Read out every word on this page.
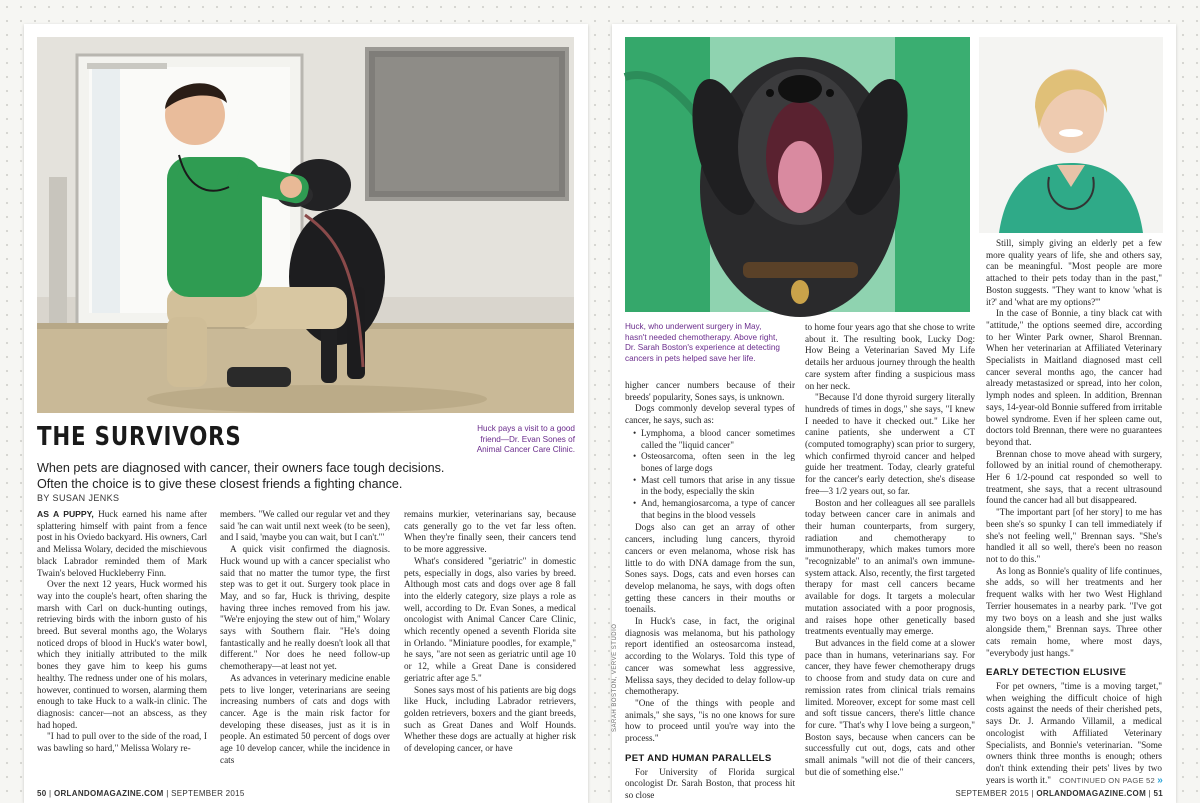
THE SURVIVORS	Huck pays a visit to a good
friend—Dr. Evan Sones of
Animal Cancer Care Clinic.
When pets are diagnosed with cancer, their owners face tough decisions.
Often the choice is to give these closest friends a fighting chance.
BY SUSAN JENKS

AS A PUPPY, Huck earned his name after splattering himself with paint from a fence post in his Oviedo backyard. His owners, Carl and Melissa Wolary, decided the mischievous black Labrador reminded them of Mark Twain's beloved Huckleberry Finn.

Over the next 12 years, Huck wormed his way into the couple's heart, often sharing the marsh with Carl on duck-hunting outings, retrieving birds with the inborn gusto of his breed. But several months ago, the Wolarys noticed drops of blood in Huck's water bowl, which they initially attributed to the milk bones they gave him to keep his gums healthy. The redness under one of his molars, however, continued to worsen, alarming them enough to take Huck to a walk-in clinic. The diagnosis: cancer—not an abscess, as they had hoped.

"I had to pull over to the side of the road, I was bawling so hard," Melissa Wolary re-

members. "We called our regular vet and they said 'he can wait until next week (to be seen), and I said, 'maybe you can wait, but I can't.'"

A quick visit confirmed the diagnosis. Huck wound up with a cancer specialist who said that no matter the tumor type, the first step was to get it out. Surgery took place in May, and so far, Huck is thriving, despite having three inches removed from his jaw. "We're enjoying the stew out of him," Wolary says with Southern flair. "He's doing fantastically and he really doesn't look all that different." Nor does he need follow-up chemotherapy—at least not yet.

As advances in veterinary medicine enable pets to live longer, veterinarians are seeing increasing numbers of cats and dogs with cancer. Age is the main risk factor for developing these diseases, just as it is in people. An estimated 50 percent of dogs over age 10 develop cancer, while the incidence in cats

remains murkier, veterinarians say, because cats generally go to the vet far less often. When they're finally seen, their cancers tend to be more aggressive.

What's considered "geriatric" in domestic pets, especially in dogs, also varies by breed. Although most cats and dogs over age 8 fall into the elderly category, size plays a role as well, according to Dr. Evan Sones, a medical oncologist with Animal Cancer Care Clinic, which recently opened a seventh Florida site in Orlando. "Miniature poodles, for example," he says, "are not seen as geriatric until age 10 or 12, while a Great Dane is considered geriatric after age 5."

Sones says most of his patients are big dogs like Huck, including Labrador retrievers, golden retrievers, boxers and the giant breeds, such as Great Danes and Wolf Hounds. Whether these dogs are actually at higher risk of developing cancer, or have

50 | ORLANDOMAGAZINE.COM | SEPTEMBER 2015
Huck, who underwent surgery in May,
hasn't needed chemotherapy. Above right,
Dr. Sarah Boston's experience at detecting
cancers in pets helped save her life.
SARAH BOSTON, VERVE STUDIO

higher cancer numbers because of their breeds' popularity, Sones says, is unknown.

Dogs commonly develop several types of cancer, he says, such as:

• Lymphoma, a blood cancer sometimes called the "liquid cancer"
• Osteosarcoma, often seen in the leg bones of large dogs
• Mast cell tumors that arise in any tissue in the body, especially the skin
• And, hemangiosarcoma, a type of cancer that begins in the blood vessels

Dogs also can get an array of other cancers, including lung cancers, thyroid cancers or even melanoma, whose risk has little to do with DNA damage from the sun, Sones says. Dogs, cats and even horses can develop melanoma, he says, with dogs often getting these cancers in their mouths or toenails.

In Huck's case, in fact, the original diagnosis was melanoma, but his pathology report identified an osteosarcoma instead, according to the Wolarys. Told this type of cancer was somewhat less aggressive, Melissa says, they decided to delay follow-up chemotherapy.

"One of the things with people and animals," she says, "is no one knows for sure how to proceed until you're way into the process."

PET AND HUMAN PARALLELS

For University of Florida surgical oncologist Dr. Sarah Boston, that process hit so close

to home four years ago that she chose to write about it. The resulting book, Lucky Dog: How Being a Veterinarian Saved My Life details her arduous journey through the health care system after finding a suspicious mass on her neck.

"Because I'd done thyroid surgery literally hundreds of times in dogs," she says, "I knew I needed to have it checked out." Like her canine patients, she underwent a CT (computed tomography) scan prior to surgery, which confirmed thyroid cancer and helped guide her treatment. Today, clearly grateful for the cancer's early detection, she's disease free—3 1/2 years out, so far.

Boston and her colleagues all see parallels today between cancer care in animals and their human counterparts, from surgery, radiation and chemotherapy to immunotherapy, which makes tumors more "recognizable" to an animal's own immune-system attack. Also, recently, the first targeted therapy for mast cell cancers became available for dogs. It targets a molecular mutation associated with a poor prognosis, and raises hope other genetically based treatments eventually may emerge.

But advances in the field come at a slower pace than in humans, veterinarians say. For cancer, they have fewer chemotherapy drugs to choose from and study data on cure and remission rates from clinical trials remains limited. Moreover, except for some mast cell and soft tissue cancers, there's little chance for cure. "That's why I love being a surgeon," Boston says, because when cancers can be successfully cut out, dogs, cats and other small animals "will not die of their cancers, but die of something else."

Still, simply giving an elderly pet a few more quality years of life, she and others say, can be meaningful. "Most people are more attached to their pets today than in the past," Boston suggests. "They want to know 'what is it?' and 'what are my options?'"

In the case of Bonnie, a tiny black cat with "attitude," the options seemed dire, according to her Winter Park owner, Sharol Brennan. When her veterinarian at Affiliated Veterinary Specialists in Maitland diagnosed mast cell cancer several months ago, the cancer had already metastasized or spread, into her colon, lymph nodes and spleen. In addition, Brennan says, 14-year-old Bonnie suffered from irritable bowel syndrome. Even if her spleen came out, doctors told Brennan, there were no guarantees beyond that.

Brennan chose to move ahead with surgery, followed by an initial round of chemotherapy. Her 6 1/2-pound cat responded so well to treatment, she says, that a recent ultrasound found the cancer had all but disappeared.

"The important part [of her story] to me has been she's so spunky I can tell immediately if she's not feeling well," Brennan says. "She's handled it all so well, there's been no reason not to do this."

As long as Bonnie's quality of life continues, she adds, so will her treatments and her frequent walks with her two West Highland Terrier housemates in a nearby park. "I've got my two boys on a leash and she just walks alongside them," Brennan says. Three other cats remain home, where most days, "everybody just hangs."

EARLY DETECTION ELUSIVE

For pet owners, "time is a moving target," when weighing the difficult choice of high costs against the needs of their cherished pets, says Dr. J. Armando Villamil, a medical oncologist with Affiliated Veterinary Specialists, and Bonnie's veterinarian. "Some owners think three months is enough; others don't think extending their pets' lives by two years is worth it."	CONTINUED ON PAGE 52 »
SEPTEMBER 2015 | ORLANDOMAGAZINE.COM | 51
